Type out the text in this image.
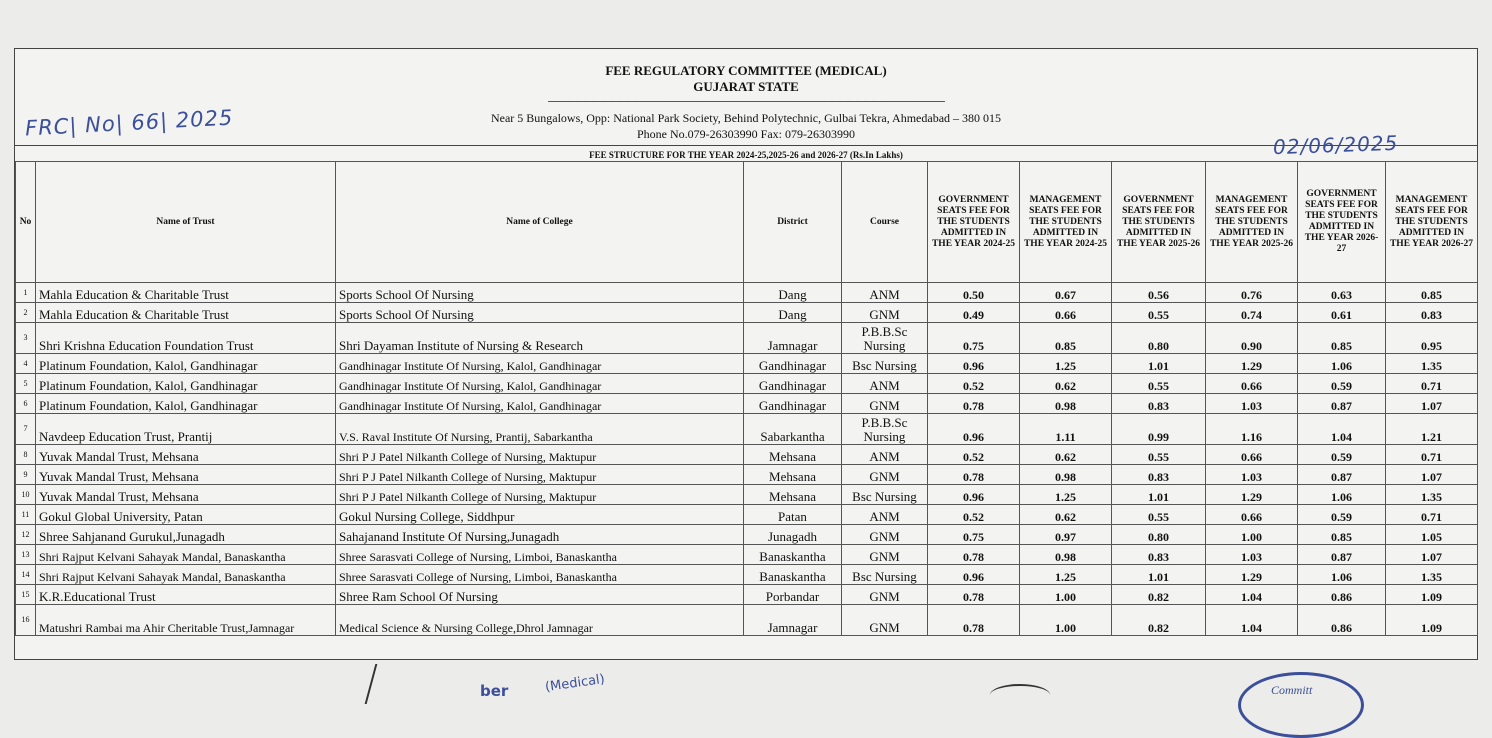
FEE REGULATORY COMMITTEE (MEDICAL)
GUJARAT STATE
-----------------------------------------------------------------------------------------------------------------------------------------------------
Near 5 Bungalows, Opp: National Park Society, Behind Polytechnic, Gulbai Tekra, Ahmedabad – 380 015
Phone No.079-26303990 Fax: 079-26303990
FEE STRUCTURE FOR THE YEAR 2024-25,2025-26 and 2026-27 (Rs.In Lakhs)
FRC| No| 66| 2025
02/06/2025
No	Name of Trust	Name of College	District	Course	GOVERNMENT SEATS FEE FOR THE STUDENTS ADMITTED IN THE YEAR 2024-25	MANAGEMENT SEATS FEE FOR THE STUDENTS ADMITTED IN THE YEAR 2024-25	GOVERNMENT SEATS FEE FOR THE STUDENTS ADMITTED IN THE YEAR 2025-26	MANAGEMENT SEATS FEE FOR THE STUDENTS ADMITTED IN THE YEAR 2025-26	GOVERNMENT SEATS FEE FOR THE STUDENTS ADMITTED IN THE YEAR 2026-27	MANAGEMENT SEATS FEE FOR THE STUDENTS ADMITTED IN THE YEAR 2026-27
1	Mahla Education & Charitable Trust	Sports School Of Nursing	Dang	ANM	0.50	0.67	0.56	0.76	0.63	0.85
2	Mahla Education & Charitable Trust	Sports School Of Nursing	Dang	GNM	0.49	0.66	0.55	0.74	0.61	0.83
3	Shri Krishna Education Foundation Trust	Shri Dayaman Institute of Nursing & Research	Jamnagar	P.B.B.Sc Nursing	0.75	0.85	0.80	0.90	0.85	0.95
4	Platinum Foundation, Kalol, Gandhinagar	Gandhinagar Institute Of Nursing, Kalol, Gandhinagar	Gandhinagar	Bsc Nursing	0.96	1.25	1.01	1.29	1.06	1.35
5	Platinum Foundation, Kalol, Gandhinagar	Gandhinagar Institute Of Nursing, Kalol, Gandhinagar	Gandhinagar	ANM	0.52	0.62	0.55	0.66	0.59	0.71
6	Platinum Foundation, Kalol, Gandhinagar	Gandhinagar Institute Of Nursing, Kalol, Gandhinagar	Gandhinagar	GNM	0.78	0.98	0.83	1.03	0.87	1.07
7	Navdeep Education Trust, Prantij	V.S. Raval Institute Of Nursing, Prantij, Sabarkantha	Sabarkantha	P.B.B.Sc Nursing	0.96	1.11	0.99	1.16	1.04	1.21
8	Yuvak Mandal Trust, Mehsana	Shri P J Patel Nilkanth College of Nursing, Maktupur	Mehsana	ANM	0.52	0.62	0.55	0.66	0.59	0.71
9	Yuvak Mandal Trust, Mehsana	Shri P J Patel Nilkanth College of Nursing, Maktupur	Mehsana	GNM	0.78	0.98	0.83	1.03	0.87	1.07
10	Yuvak Mandal Trust, Mehsana	Shri P J Patel Nilkanth College of Nursing, Maktupur	Mehsana	Bsc Nursing	0.96	1.25	1.01	1.29	1.06	1.35
11	Gokul Global University, Patan	Gokul Nursing College, Siddhpur	Patan	ANM	0.52	0.62	0.55	0.66	0.59	0.71
12	Shree Sahjanand Gurukul,Junagadh	Sahajanand Institute Of Nursing,Junagadh	Junagadh	GNM	0.75	0.97	0.80	1.00	0.85	1.05
13	Shri Rajput Kelvani Sahayak Mandal, Banaskantha	Shree Sarasvati College of Nursing, Limboi, Banaskantha	Banaskantha	GNM	0.78	0.98	0.83	1.03	0.87	1.07
14	Shri Rajput Kelvani Sahayak Mandal, Banaskantha	Shree Sarasvati College of Nursing, Limboi, Banaskantha	Banaskantha	Bsc Nursing	0.96	1.25	1.01	1.29	1.06	1.35
15	K.R.Educational Trust	Shree Ram School Of Nursing	Porbandar	GNM	0.78	1.00	0.82	1.04	0.86	1.09
16	Matushri Rambai ma Ahir Cheritable Trust,Jamnagar	Medical Science & Nursing College,Dhrol Jamnagar	Jamnagar	GNM	0.78	1.00	0.82	1.04	0.86	1.09
ber	(Medical)	Committ
